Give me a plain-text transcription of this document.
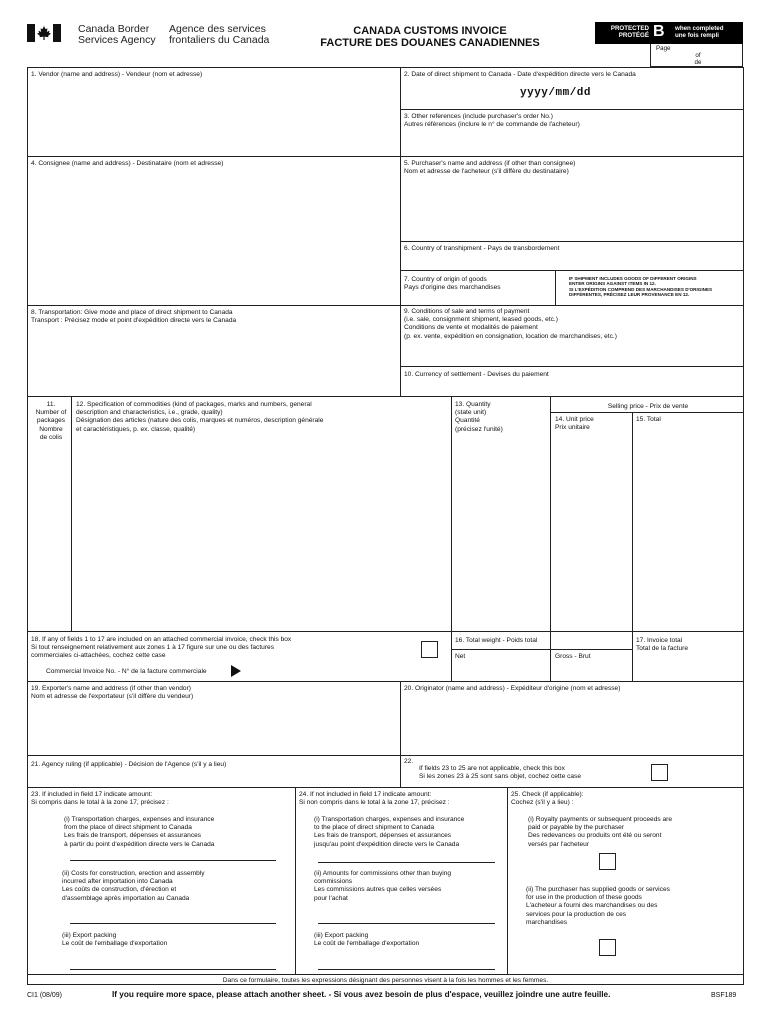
Canada Border
Services Agency
Agence des services
frontaliers du Canada
CANADA CUSTOMS INVOICE
FACTURE DES DOUANES CANADIENNES
PROTECTED
PROTÉGÉ B when completed
une fois rempli
Page
of
de
1. Vendor (name and address) - Vendeur (nom et adresse)	2. Date of direct shipment to Canada - Date d'expédition directe vers le Canada
yyyy/mm/dd
3. Other references (include purchaser's order No.)
Autres références (inclure le n° de commande de l'acheteur)
4. Consignee (name and address) - Destinataire (nom et adresse)	5. Purchaser's name and address (if other than consignee)
Nom et adresse de l'acheteur (s'il diffère du destinataire)
6. Country of transhipment - Pays de transbordement
7. Country of origin of goods
Pays d'origine des marchandises
IF SHIPMENT INCLUDES GOODS OF DIFFERENT ORIGINS
ENTER ORIGINS AGAINST ITEMS IN 12.
SI L'EXPÉDITION COMPREND DES MARCHANDISES D'ORIGINES
DIFFÉRENTES, PRÉCISEZ LEUR PROVENANCE EN 12.
8. Transportation: Give mode and place of direct shipment to Canada
Transport : Précisez mode et point d'expédition directe vers le Canada
9. Conditions of sale and terms of payment
(i.e. sale, consignment shipment, leased goods, etc.)
Conditions de vente et modalités de paiement
(p. ex. vente, expédition en consignation, location de marchandises, etc.)
10. Currency of settlement - Devises du paiement
11.
Number of
packages
Nombre
de colis
12. Specification of commodities (kind of packages, marks and numbers, general
description and characteristics, i.e., grade, quality)
Désignation des articles (nature des colis, marques et numéros, description générale
et caractéristiques, p. ex. classe, qualité)
13. Quantity
(state unit)
Quantité
(précisez l'unité)
Selling price - Prix de vente
14. Unit price
Prix unitaire
15. Total
18. If any of fields 1 to 17 are included on an attached commercial invoice, check this box
Si tout renseignement relativement aux zones 1 à 17 figure sur une ou des factures
commerciales ci-attachées, cochez cette case
Commercial Invoice No. - N° de la facture commerciale
16. Total weight - Poids total
Net	Gross - Brut
17. Invoice total
Total de la facture
19. Exporter's name and address (if other than vendor)
Nom et adresse de l'exportateur (s'il diffère du vendeur)
20. Originator (name and address) - Expéditeur d'origine (nom et adresse)
21. Agency ruling (if applicable) - Décision de l'Agence (s'il y a lieu)	22.
If fields 23 to 25 are not applicable, check this box
Si les zones 23 à 25 sont sans objet, cochez cette case
23. If included in field 17 indicate amount:
Si compris dans le total à la zone 17, précisez :
(i) Transportation charges, expenses and insurance
from the place of direct shipment to Canada
Les frais de transport, dépenses et assurances
à partir du point d'expédition directe vers le Canada
(ii) Costs for construction, erection and assembly
incurred after importation into Canada
Les coûts de construction, d'érection et
d'assemblage après importation au Canada
(iii) Export packing
Le coût de l'emballage d'exportation
24. If not included in field 17 indicate amount:
Si non compris dans le total à la zone 17, précisez :
(i) Transportation charges, expenses and insurance
to the place of direct shipment to Canada
Les frais de transport, dépenses et assurances
jusqu'au point d'expédition directe vers le Canada
(ii) Amounts for commissions other than buying
commissions
Les commissions autres que celles versées
pour l'achat
(iii) Export packing
Le coût de l'emballage d'exportation
25. Check (if applicable):
Cochez (s'il y a lieu) :
(i) Royalty payments or subsequent proceeds are
paid or payable by the purchaser
Des redevances ou produits ont été ou seront
versés par l'acheteur
(ii) The purchaser has supplied goods or services
for use in the production of these goods
L'acheteur a fourni des marchandises ou des
services pour la production de ces
marchandises
Dans ce formulaire, toutes les expressions désignant des personnes visent à la fois les hommes et les femmes.
CI1 (08/09)	If you require more space, please attach another sheet. - Si vous avez besoin de plus d'espace, veuillez joindre une autre feuille.	BSF189
